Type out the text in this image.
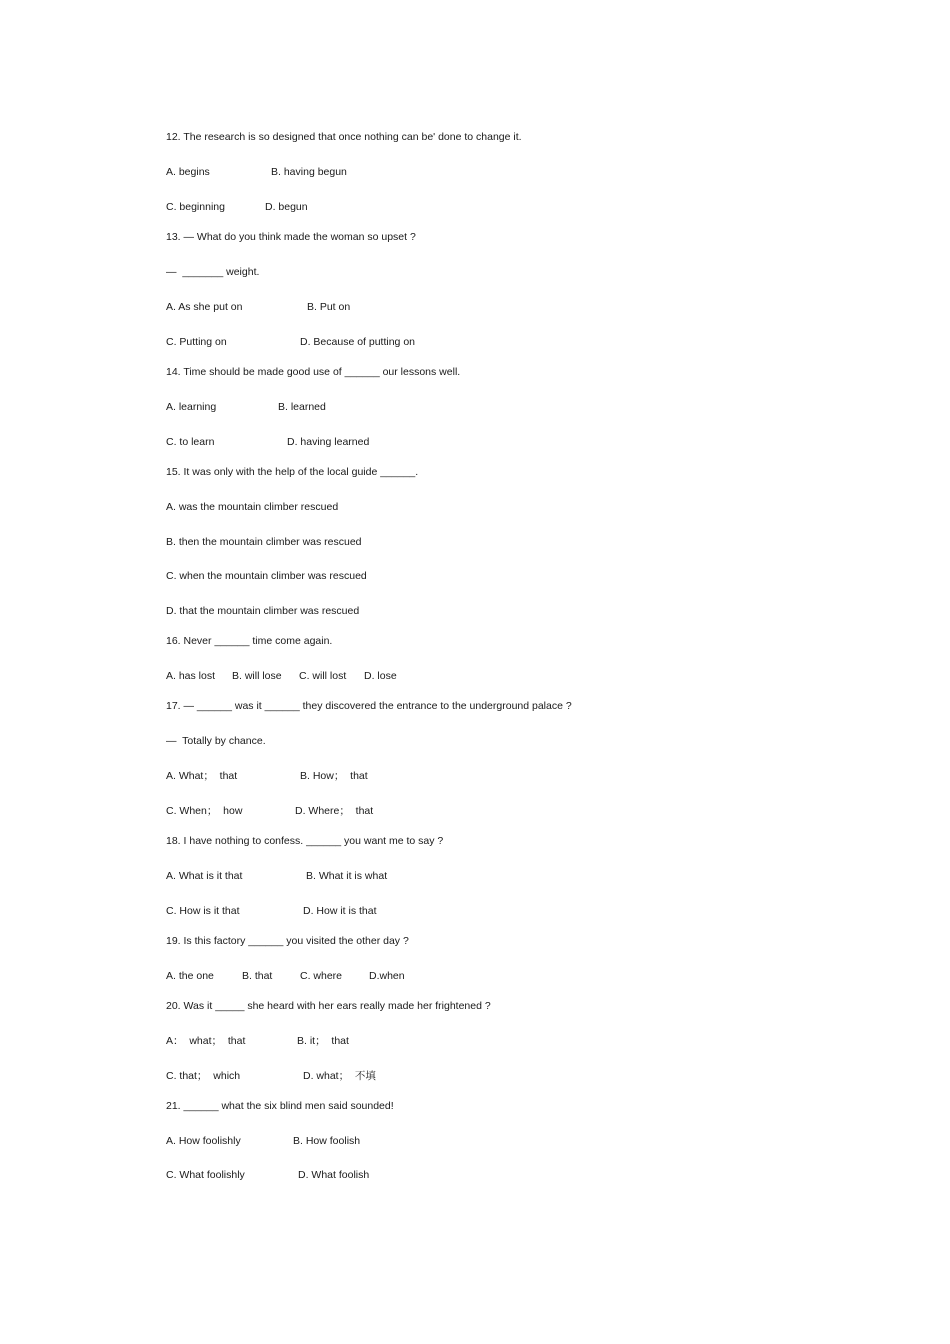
12. The research is so designed that once nothing can be' done to change it.

A. begins

	B. having begun

C. beginning

	D. begun

13. — What do you think made the woman so upset ?
—  _______ weight.

A. As she put on

	B. Put on

C. Putting on

	D. Because of putting on

14. Time should be made good use of ______ our lessons well.

A. learning

	B. learned

C. to learn

	D. having learned

15. It was only with the help of the local guide ______.
A. was the mountain climber rescued
B. then the mountain climber was rescued
C. when the mountain climber was rescued
D. that the mountain climber was rescued
16. Never ______ time come again.

A. has lost

B. will lose

C. will lost

D. lose

17. — ______ was it ______ they discovered the entrance to the underground palace ?
—  Totally by chance.

A. What；  that

	B. How；  that

C. When；  how

	D. Where；  that

18. I have nothing to confess. ______ you want me to say ?

A. What is it that

	B. What it is what

C. How is it that

	D. How it is that

19. Is this factory ______ you visited the other day ?

A. the one

	B. that

	C. where

	D.when

20. Was it _____ she heard with her ears really made her frightened ?

A：  what；  that

	B. it；  that

C. that；  which

	D. what；  不填

21. ______ what the six blind men said sounded!

A. How foolishly

	B. How foolish

C. What foolishly

	D. What foolish
